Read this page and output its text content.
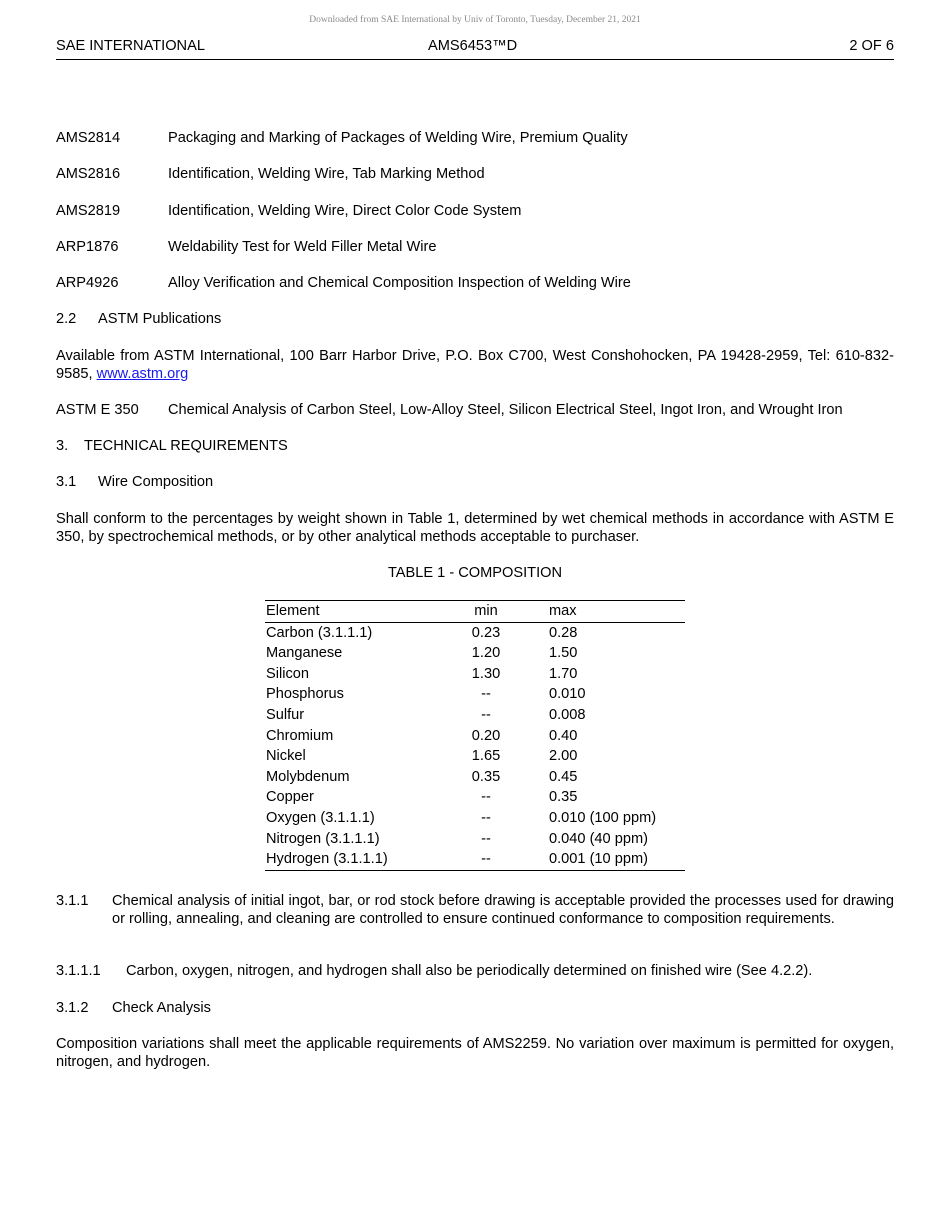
Downloaded from SAE International by Univ of Toronto, Tuesday, December 21, 2021
SAE INTERNATIONAL	AMS6453™D	2 OF 6
AMS2814	Packaging and Marking of Packages of Welding Wire, Premium Quality
AMS2816	Identification, Welding Wire, Tab Marking Method
AMS2819	Identification, Welding Wire, Direct Color Code System
ARP1876	Weldability Test for Weld Filler Metal Wire
ARP4926	Alloy Verification and Chemical Composition Inspection of Welding Wire
2.2 ASTM Publications
Available from ASTM International, 100 Barr Harbor Drive, P.O. Box C700, West Conshohocken, PA 19428-2959, Tel: 610-832-9585, www.astm.org
ASTM E 350 Chemical Analysis of Carbon Steel, Low-Alloy Steel, Silicon Electrical Steel, Ingot Iron, and Wrought Iron
3. TECHNICAL REQUIREMENTS
3.1 Wire Composition
Shall conform to the percentages by weight shown in Table 1, determined by wet chemical methods in accordance with ASTM E 350, by spectrochemical methods, or by other analytical methods acceptable to purchaser.
TABLE 1 - COMPOSITION
Element	min	max
Carbon (3.1.1.1)	0.23	0.28
Manganese	1.20	1.50
Silicon	1.30	1.70
Phosphorus	--	0.010
Sulfur	--	0.008
Chromium	0.20	0.40
Nickel	1.65	2.00
Molybdenum	0.35	0.45
Copper	--	0.35
Oxygen (3.1.1.1)	--	0.010 (100 ppm)
Nitrogen (3.1.1.1)	--	0.040 (40 ppm)
Hydrogen (3.1.1.1)	--	0.001 (10 ppm)
3.1.1 Chemical analysis of initial ingot, bar, or rod stock before drawing is acceptable provided the processes used for drawing or rolling, annealing, and cleaning are controlled to ensure continued conformance to composition requirements.
3.1.1.1 Carbon, oxygen, nitrogen, and hydrogen shall also be periodically determined on finished wire (See 4.2.2).
3.1.2 Check Analysis
Composition variations shall meet the applicable requirements of AMS2259. No variation over maximum is permitted for oxygen, nitrogen, and hydrogen.
